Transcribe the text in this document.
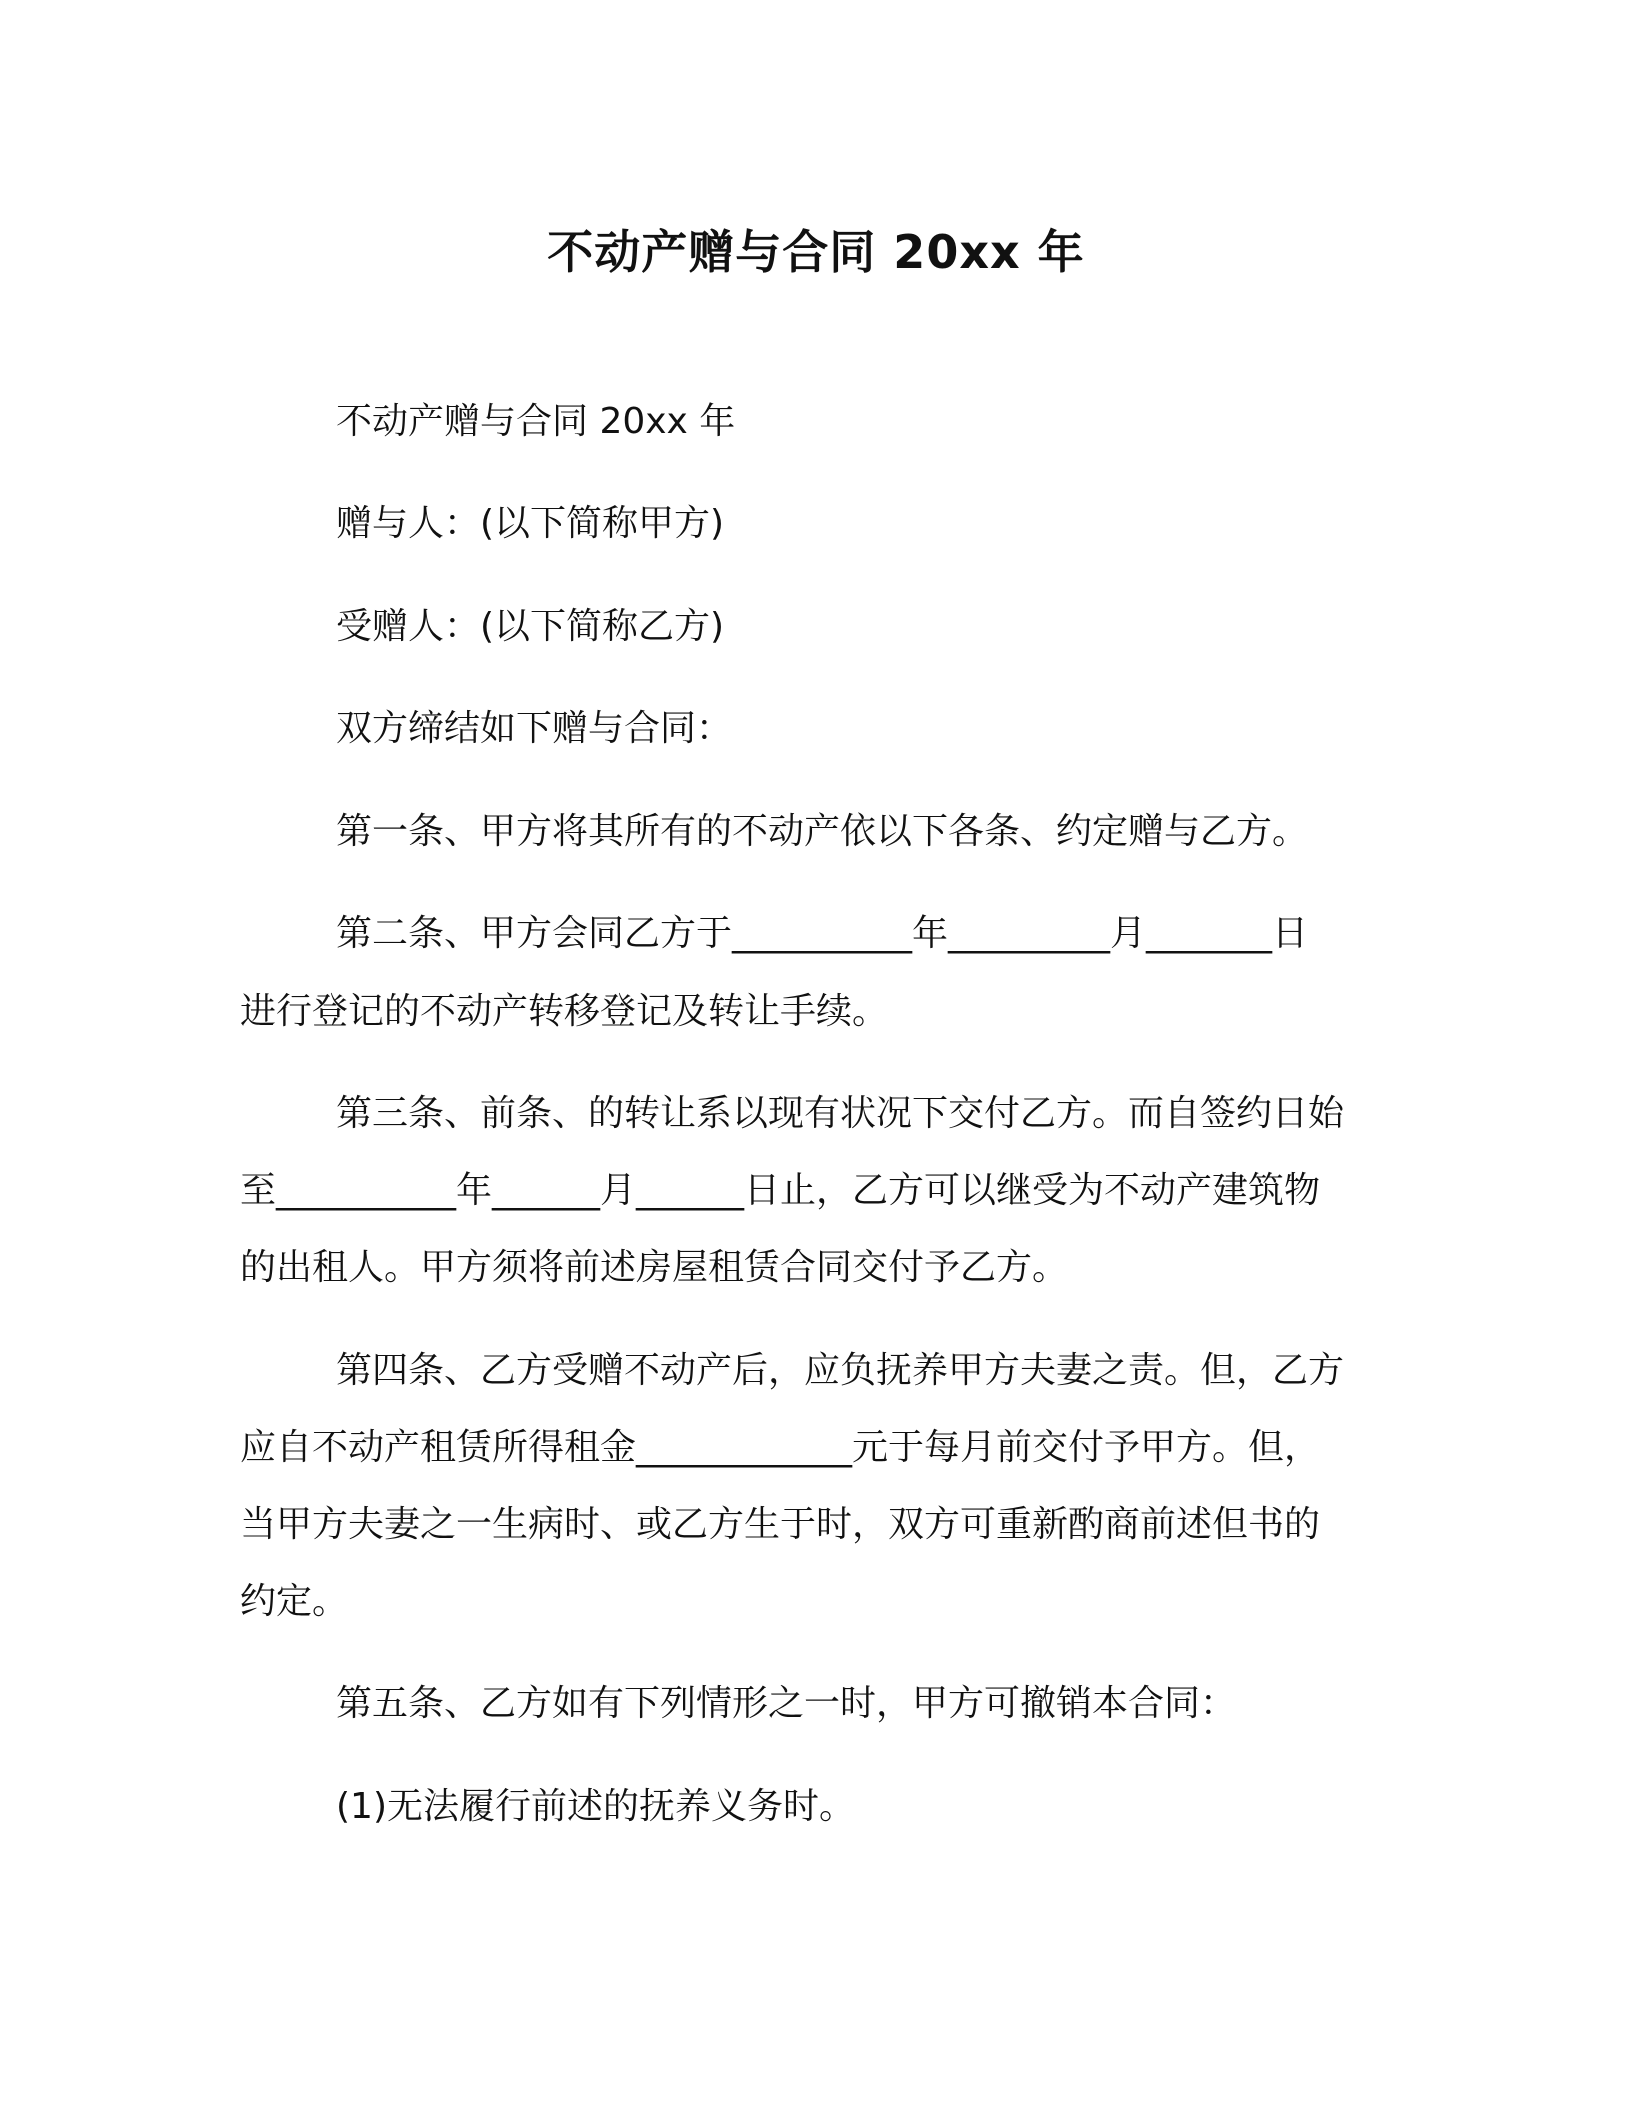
不动产赠与合同 20xx 年
不动产赠与合同 20xx 年
赠与人：(以下简称甲方)
受赠人：(以下简称乙方)
双方缔结如下赠与合同：
第一条、甲方将其所有的不动产依以下各条、约定赠与乙方。
第二条、甲方会同乙方于__________年_________月_______日
进行登记的不动产转移登记及转让手续。
第三条、前条、的转让系以现有状况下交付乙方。而自签约日始
至__________年______月______日止，乙方可以继受为不动产建筑物
的出租人。甲方须将前述房屋租赁合同交付予乙方。
第四条、乙方受赠不动产后，应负抚养甲方夫妻之责。但，乙方
应自不动产租赁所得租金____________元于每月前交付予甲方。但，
当甲方夫妻之一生病时、或乙方生于时，双方可重新酌商前述但书的
约定。
第五条、乙方如有下列情形之一时，甲方可撤销本合同：
(1)无法履行前述的抚养义务时。
